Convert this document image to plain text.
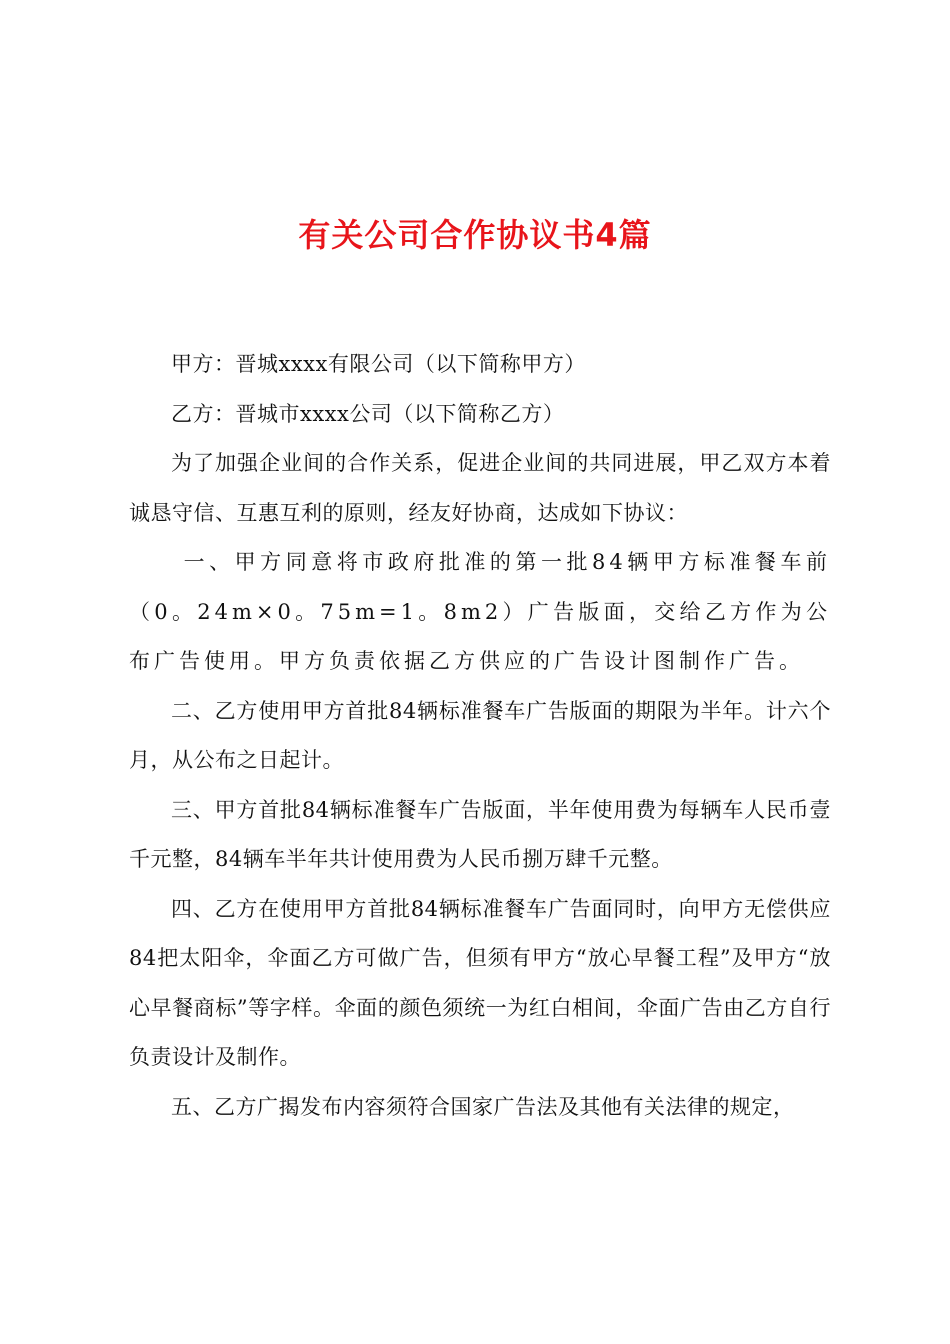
有关公司合作协议书4篇

甲方：晋城xxxx有限公司（以下简称甲方）

乙方：晋城市xxxx公司（以下简称乙方）

为了加强企业间的合作关系，促进企业间的共同进展，甲乙双方本着诚恳守信、互惠互利的原则，经友好协商，达成如下协议：

一、甲方同意将市政府批准的第一批84辆甲方标准餐车前（0。24m×0。75m=1。8m2）广告版面，交给乙方作为公布广告使用。甲方负责依据乙方供应的广告设计图制作广告。

二、乙方使用甲方首批84辆标准餐车广告版面的期限为半年。计六个月，从公布之日起计。

三、甲方首批84辆标准餐车广告版面，半年使用费为每辆车人民币壹千元整，84辆车半年共计使用费为人民币捌万肆千元整。

四、乙方在使用甲方首批84辆标准餐车广告面同时，向甲方无偿供应84把太阳伞，伞面乙方可做广告，但须有甲方“放心早餐工程”及甲方“放心早餐商标”等字样。伞面的颜色须统一为红白相间，伞面广告由乙方自行负责设计及制作。

五、乙方广揭发布内容须符合国家广告法及其他有关法律的规定，
